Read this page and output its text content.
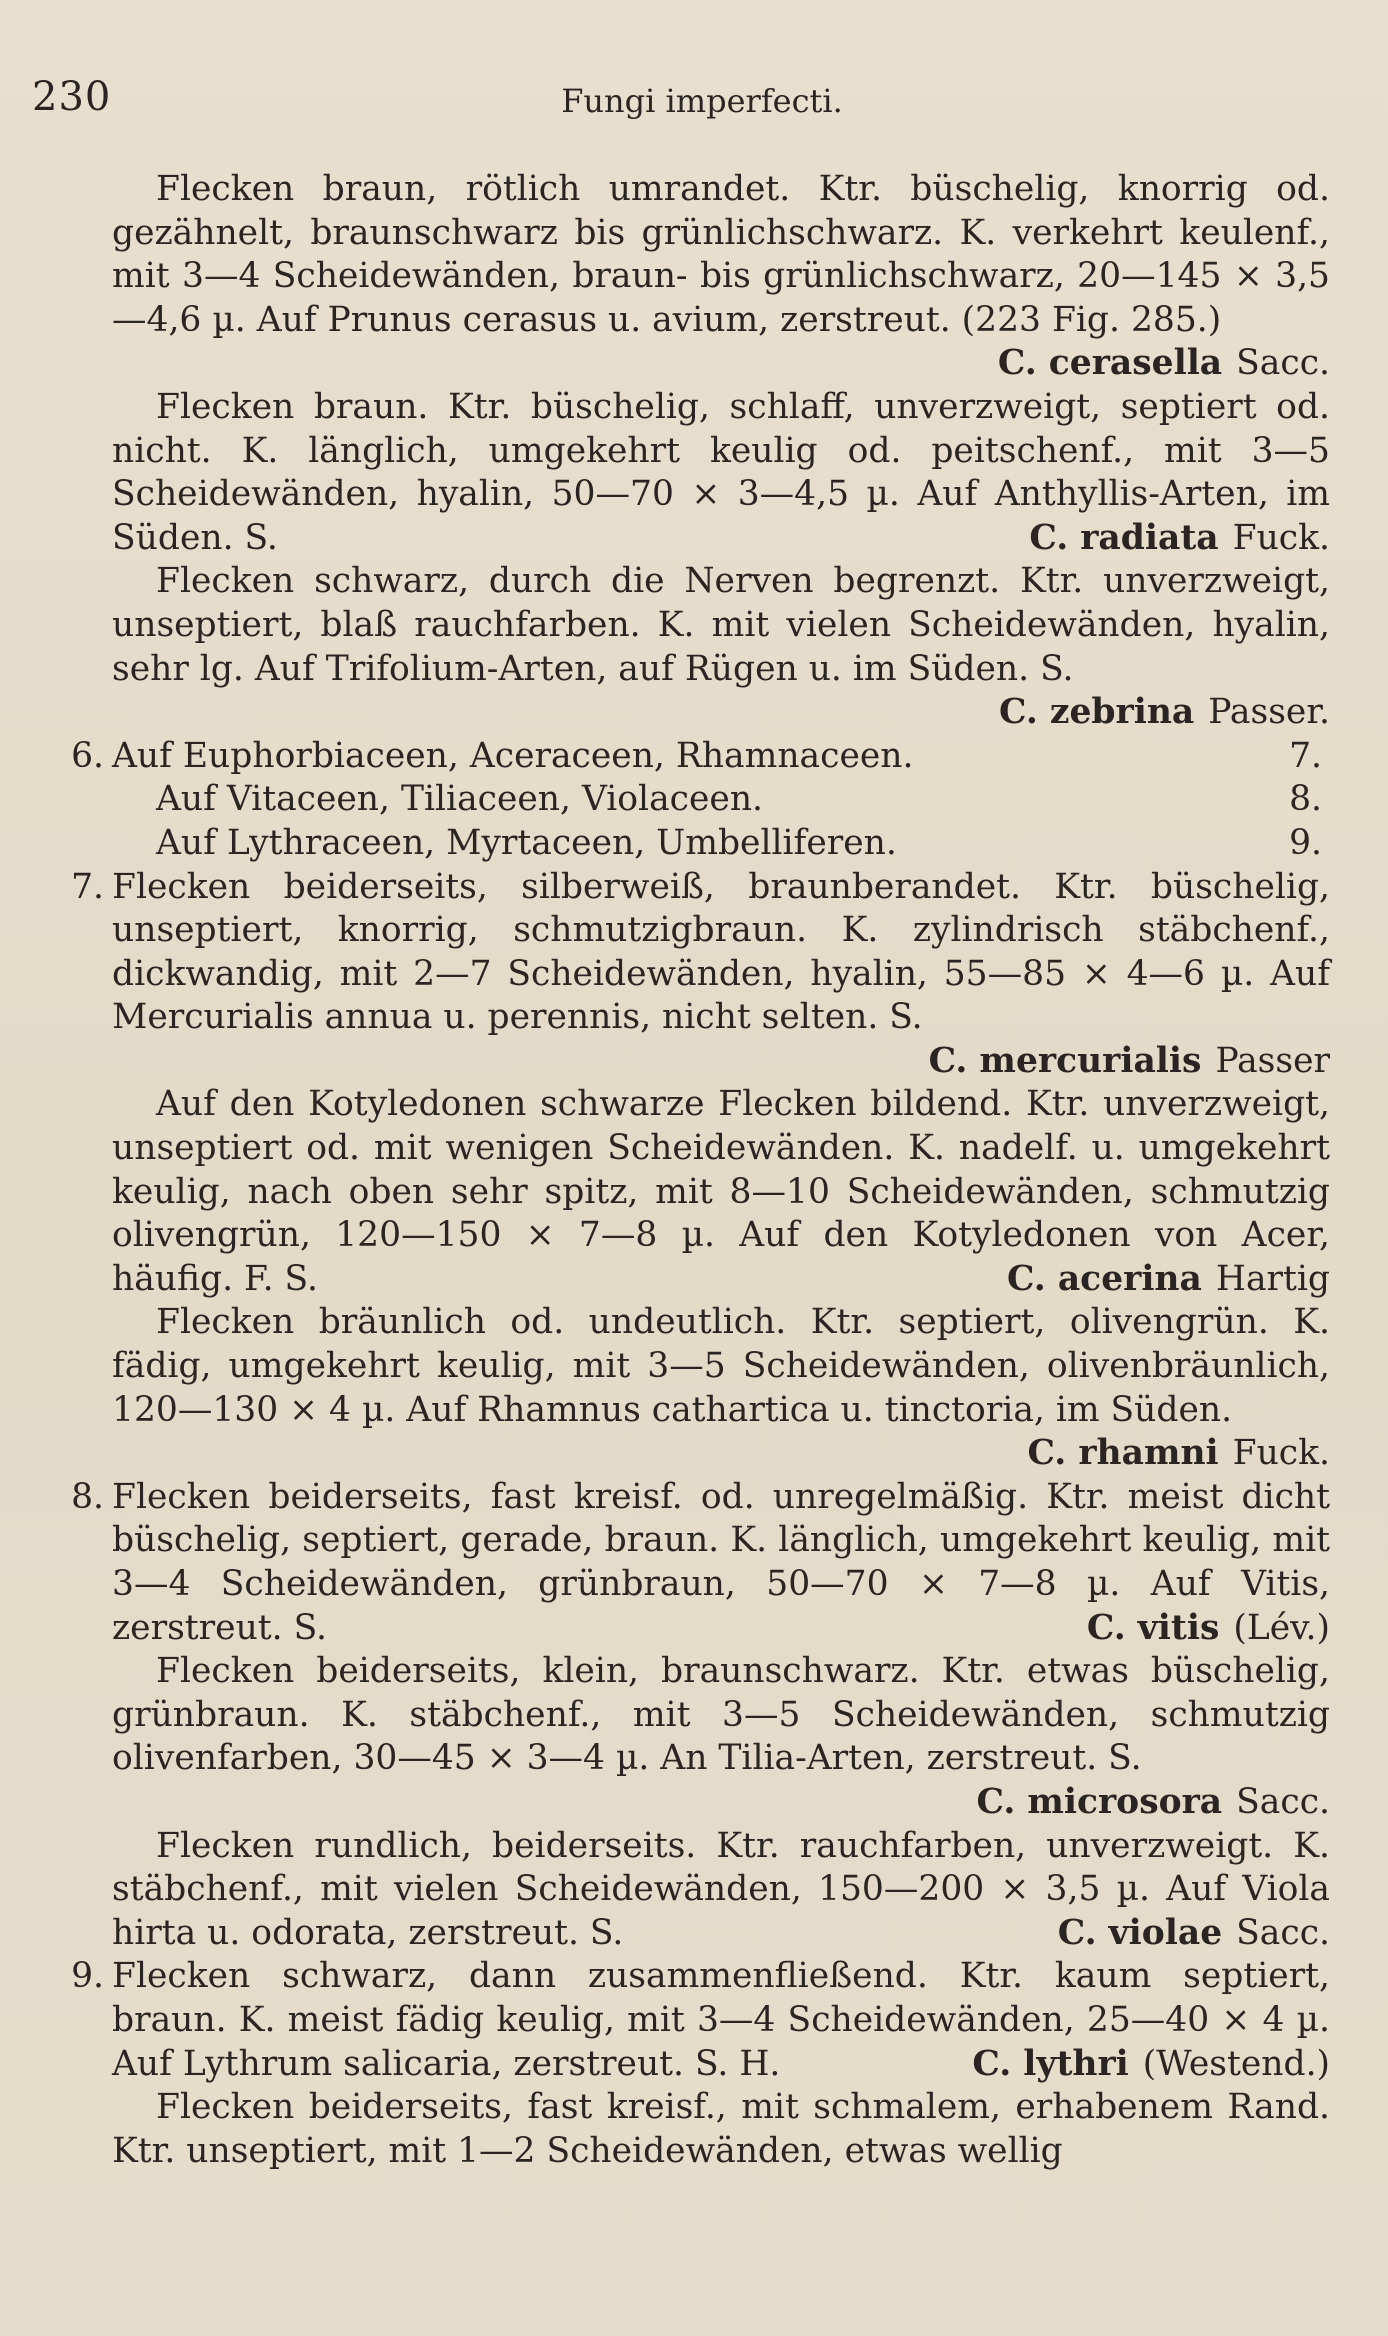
230	Fungi imperfecti.
Flecken braun, rötlich umrandet. Ktr. büschelig, knorrig od. gezähnelt, braunschwarz bis grünlichschwarz. K. verkehrt keulenf., mit 3—4 Scheidewänden, braun- bis grünlichschwarz, 20—145 × 3,5—4,6 µ. Auf Prunus cerasus u. avium, zerstreut. (223 Fig. 285.)
C. cerasella Sacc.
Flecken braun. Ktr. büschelig, schlaff, unverzweigt, septiert od. nicht. K. länglich, umgekehrt keulig od. peitschenf., mit 3—5 Scheidewänden, hyalin, 50—70 × 3—4,5 µ. Auf Anthyllis-Arten, im Süden. S.	C. radiata Fuck.
Flecken schwarz, durch die Nerven begrenzt. Ktr. unverzweigt, unseptiert, blaß rauchfarben. K. mit vielen Scheidewänden, hyalin, sehr lg. Auf Trifolium-Arten, auf Rügen u. im Süden. S.
C. zebrina Passer.
6. Auf Euphorbiaceen, Aceraceen, Rhamnaceen.	7.
Auf Vitaceen, Tiliaceen, Violaceen.	8.
Auf Lythraceen, Myrtaceen, Umbelliferen.	9.
7. Flecken beiderseits, silberweiß, braunberandet. Ktr. büschelig, unseptiert, knorrig, schmutzigbraun. K. zylindrisch stäbchenf., dickwandig, mit 2—7 Scheidewänden, hyalin, 55—85 × 4—6 µ. Auf Mercurialis annua u. perennis, nicht selten. S.
C. mercurialis Passer
Auf den Kotyledonen schwarze Flecken bildend. Ktr. unverzweigt, unseptiert od. mit wenigen Scheidewänden. K. nadelf. u. umgekehrt keulig, nach oben sehr spitz, mit 8—10 Scheidewänden, schmutzig olivengrün, 120—150 × 7—8 µ. Auf den Kotyledonen von Acer, häufig. F. S.	C. acerina Hartig
Flecken bräunlich od. undeutlich. Ktr. septiert, olivengrün. K. fädig, umgekehrt keulig, mit 3—5 Scheidewänden, olivenbräunlich, 120—130 × 4 µ. Auf Rhamnus cathartica u. tinctoria, im Süden.
C. rhamni Fuck.
8. Flecken beiderseits, fast kreisf. od. unregelmäßig. Ktr. meist dicht büschelig, septiert, gerade, braun. K. länglich, umgekehrt keulig, mit 3—4 Scheidewänden, grünbraun, 50—70 × 7—8 µ. Auf Vitis, zerstreut. S.	C. vitis (Lév.)
Flecken beiderseits, klein, braunschwarz. Ktr. etwas büschelig, grünbraun. K. stäbchenf., mit 3—5 Scheidewänden, schmutzig olivenfarben, 30—45 × 3—4 µ. An Tilia-Arten, zerstreut. S.
C. microsora Sacc.
Flecken rundlich, beiderseits. Ktr. rauchfarben, unverzweigt. K. stäbchenf., mit vielen Scheidewänden, 150—200 × 3,5 µ. Auf Viola hirta u. odorata, zerstreut. S.	C. violae Sacc.
9. Flecken schwarz, dann zusammenfließend. Ktr. kaum septiert, braun. K. meist fädig keulig, mit 3—4 Scheidewänden, 25—40 × 4 µ. Auf Lythrum salicaria, zerstreut. S. H.	C. lythri (Westend.)
Flecken beiderseits, fast kreisf., mit schmalem, erhabenem Rand. Ktr. unseptiert, mit 1—2 Scheidewänden, etwas wellig
